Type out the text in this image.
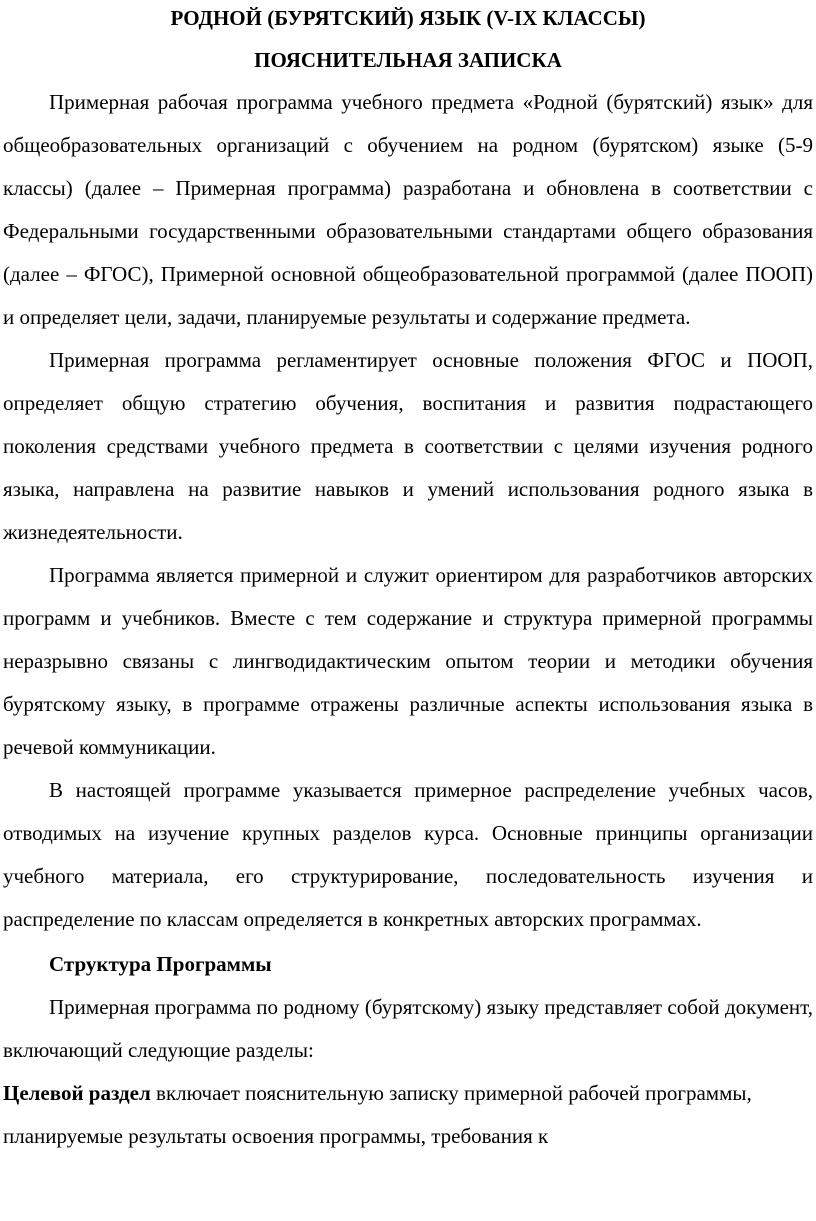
РОДНОЙ (БУРЯТСКИЙ) ЯЗЫК (V-IX КЛАССЫ)

ПОЯСНИТЕЛЬНАЯ ЗАПИСКА

Примерная рабочая программа учебного предмета «Родной (бурятский) язык» для общеобразовательных организаций с обучением на родном (бурятском) языке (5-9 классы) (далее – Примерная программа) разработана и обновлена в соответствии с Федеральными государственными образовательными стандартами общего образования (далее – ФГОС), Примерной основной общеобразовательной программой (далее ПООП) и определяет цели, задачи, планируемые результаты и содержание предмета.

Примерная программа регламентирует основные положения ФГОС и ПООП, определяет общую стратегию обучения, воспитания и развития подрастающего поколения средствами учебного предмета в соответствии с целями изучения родного языка, направлена на развитие навыков и умений использования родного языка в жизнедеятельности.

Программа является примерной и служит ориентиром для разработчиков авторских программ и учебников. Вместе с тем содержание и структура примерной программы неразрывно связаны с лингводидактическим опытом теории и методики обучения бурятскому языку, в программе отражены различные аспекты использования языка в речевой коммуникации.

В настоящей программе указывается примерное распределение учебных часов, отводимых на изучение крупных разделов курса. Основные принципы организации учебного материала, его структурирование, последовательность изучения и распределение по классам определяется в конкретных авторских программах.

Структура Программы

Примерная программа по родному (бурятскому) языку представляет собой документ, включающий следующие разделы:

Целевой раздел включает пояснительную записку примерной рабочей программы, планируемые результаты освоения программы, требования к
